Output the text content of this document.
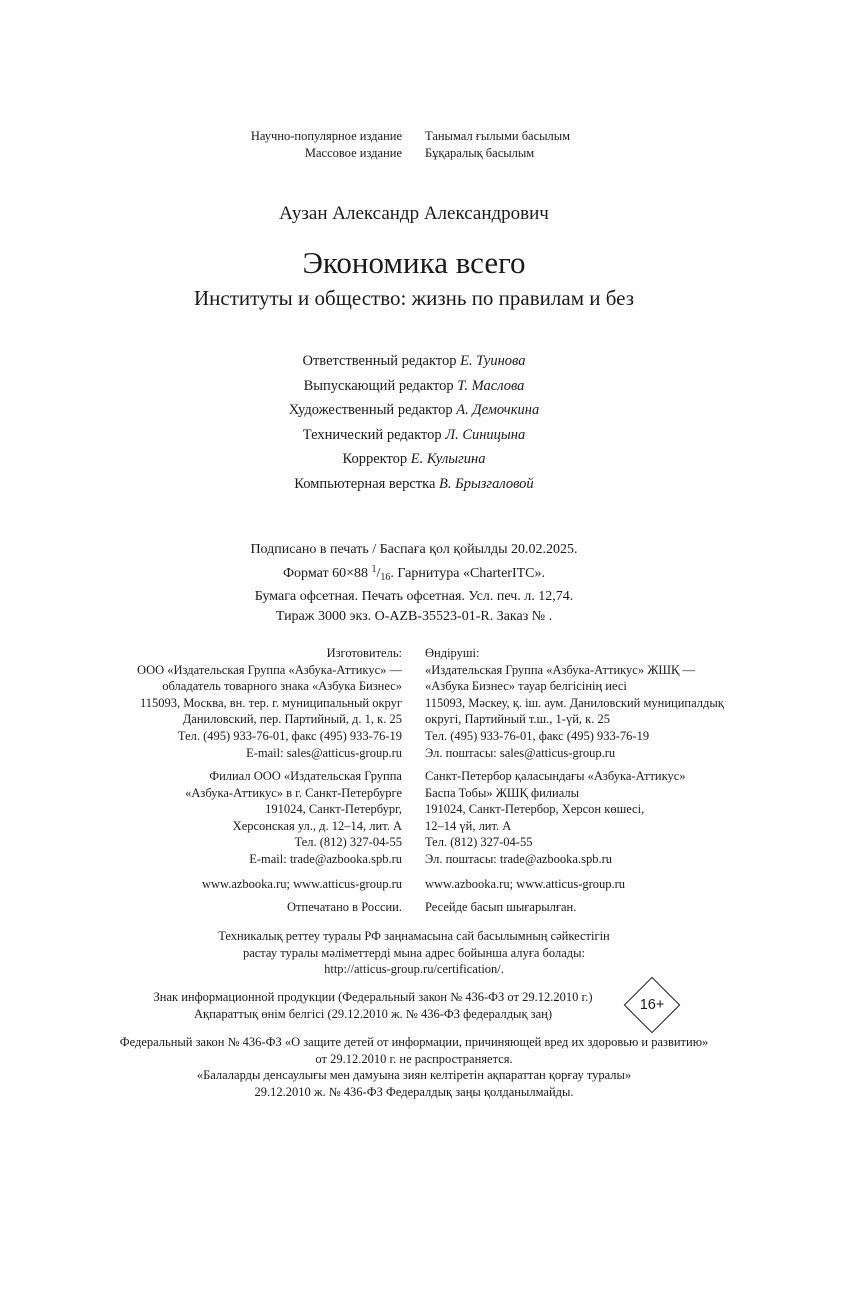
Научно-популярное издание
Массовое издание
Танымал ғылыми басылым
Бұқаралық басылым
Аузан Александр Александрович
Экономика всего
Институты и общество: жизнь по правилам и без
Ответственный редактор Е. Туинова
Выпускающий редактор Т. Маслова
Художественный редактор А. Демочкина
Технический редактор Л. Синицына
Корректор Е. Кулыгина
Компьютерная верстка В. Брызгаловой
Подписано в печать / Баспаға қол қойылды 20.02.2025.
Формат 60×88 $^1/_{16}$. Гарнитура «CharterITC».
Бумага офсетная. Печать офсетная. Усл. печ. л. 12,74.
Тираж 3000 экз. O-AZB-35523-01-R. Заказ № .
Изготовитель:
ООО «Издательская Группа «Азбука-Аттикус» —
обладатель товарного знака «Азбука Бизнес»
115093, Москва, вн. тер. г. муниципальный округ
Даниловский, пер. Партийный, д. 1, к. 25
Тел. (495) 933-76-01, факс (495) 933-76-19
E-mail: sales@atticus-group.ru
Өндіруші:
«Издательская Группа «Азбука-Аттикус» ЖШҚ —
«Азбука Бизнес» тауар белгісінің иесі
115093, Мәскеу, қ. іш. аум. Даниловский муниципалдық
округі, Партийный т.ш., 1-үй, к. 25
Тел. (495) 933-76-01, факс (495) 933-76-19
Эл. поштасы: sales@atticus-group.ru
Филиал ООО «Издательская Группа
«Азбука-Аттикус» в г. Санкт-Петербурге
191024, Санкт-Петербург,
Херсонская ул., д. 12–14, лит. А
Тел. (812) 327-04-55
E-mail: trade@azbooka.spb.ru
Санкт-Петербор қаласындағы «Азбука-Аттикус»
Баспа Тобы» ЖШҚ филиалы
191024, Санкт-Петербор, Херсон көшесі,
12–14 үй, лит. А
Тел. (812) 327-04-55
Эл. поштасы: trade@azbooka.spb.ru
www.azbooka.ru; www.atticus-group.ru www.azbooka.ru; www.atticus-group.ru
Отпечатано в России. Ресейде басып шығарылған.
Техникалық реттеу туралы РФ заңнамасына сай басылымның сәйкестігін
растау туралы мәліметтерді мына адрес бойынша алуға болады:
http://atticus-group.ru/certification/.
Знак информационной продукции (Федеральный закон № 436-ФЗ от 29.12.2010 г.)
Ақпараттық өнім белгісі (29.12.2010 ж. № 436-ФЗ федералдық заң)
16+
Федеральный закон № 436-ФЗ «О защите детей от информации, причиняющей вред их здоровью и развитию»
от 29.12.2010 г. не распространяется.
«Балаларды денсаулығы мен дамуына зиян келтіретін ақпараттан қорғау туралы»
29.12.2010 ж. № 436-ФЗ Федералдық заңы қолданылмайды.
